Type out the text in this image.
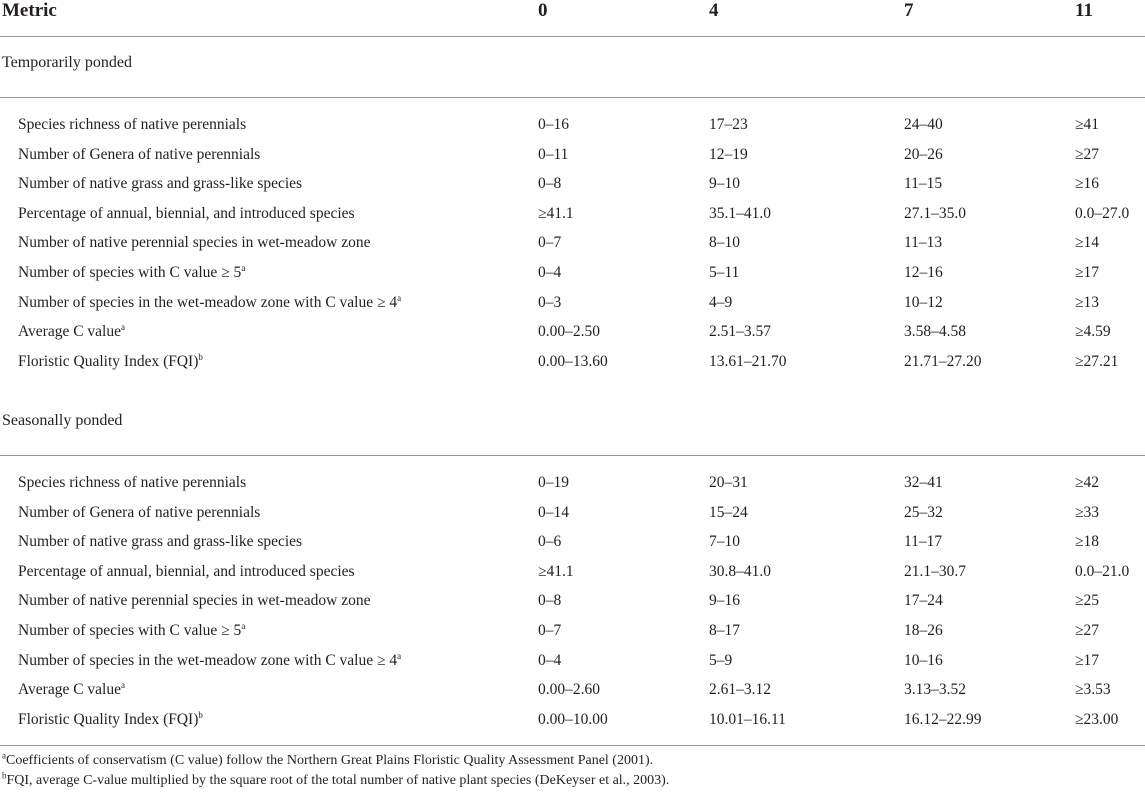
Metric	0	4	7	11
Temporarily ponded
Species richness of native perennials	0–16	17–23	24–40	≥41
Number of Genera of native perennials	0–11	12–19	20–26	≥27
Number of native grass and grass-like species	0–8	9–10	11–15	≥16
Percentage of annual, biennial, and introduced species	≥41.1	35.1–41.0	27.1–35.0	0.0–27.0
Number of native perennial species in wet-meadow zone	0–7	8–10	11–13	≥14
Number of species with C value ≥ $5^a$	0–4	5–11	12–16	≥17
Number of species in the wet-meadow zone with C value ≥ $4^a$	0–3	4–9	10–12	≥13
Average C value$^a$	0.00–2.50	2.51–3.57	3.58–4.58	≥4.59
Floristic Quality Index (FQI)$^b$	0.00–13.60	13.61–21.70	21.71–27.20	≥27.21
Seasonally ponded
Species richness of native perennials	0–19	20–31	32–41	≥42
Number of Genera of native perennials	0–14	15–24	25–32	≥33
Number of native grass and grass-like species	0–6	7–10	11–17	≥18
Percentage of annual, biennial, and introduced species	≥41.1	30.8–41.0	21.1–30.7	0.0–21.0
Number of native perennial species in wet-meadow zone	0–8	9–16	17–24	≥25
Number of species with C value ≥ $5^a$	0–7	8–17	18–26	≥27
Number of species in the wet-meadow zone with C value ≥ $4^a$	0–4	5–9	10–16	≥17
Average C value$^a$	0.00–2.60	2.61–3.12	3.13–3.52	≥3.53
Floristic Quality Index (FQI)$^b$	0.00–10.00	10.01–16.11	16.12–22.99	≥23.00
$^a$Coefficients of conservatism (C value) follow the Northern Great Plains Floristic Quality Assessment Panel (2001).
$^b$FQI, average C-value multiplied by the square root of the total number of native plant species (DeKeyser et al., 2003).
